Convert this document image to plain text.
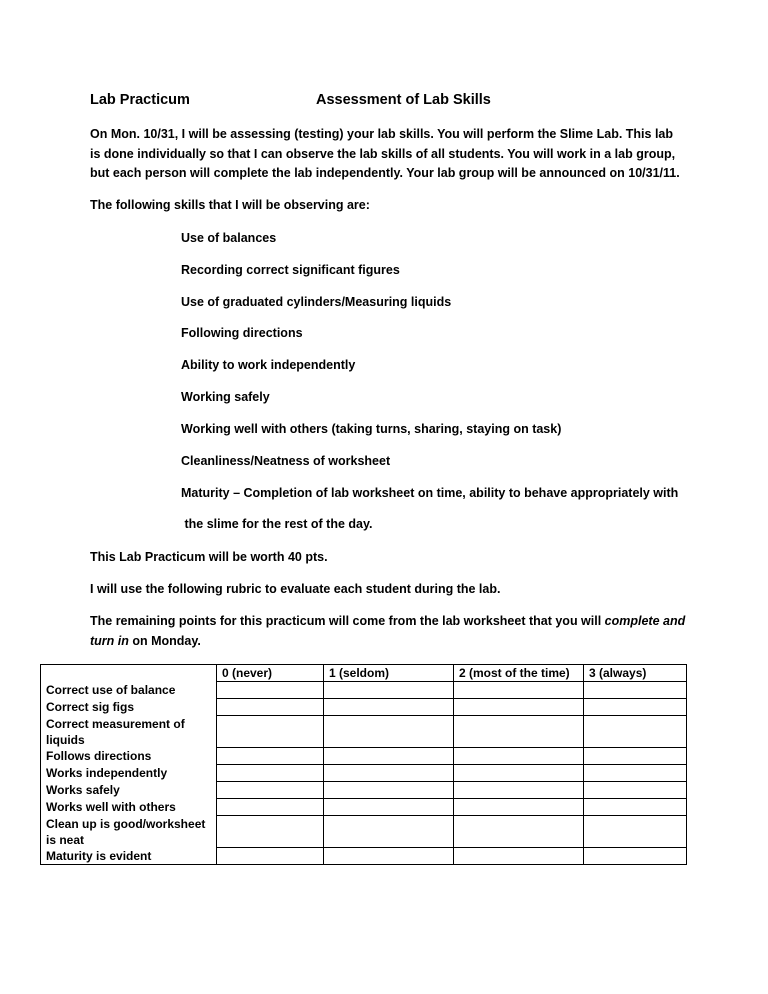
Lab Practicum	Assessment of Lab Skills
On Mon. 10/31, I will be assessing (testing) your lab skills. You will perform the Slime Lab. This lab is done individually so that I can observe the lab skills of all students. You will work in a lab group, but each person will complete the lab independently. Your lab group will be announced on 10/31/11.
The following skills that I will be observing are:
Use of balances
Recording correct significant figures
Use of graduated cylinders/Measuring liquids
Following directions
Ability to work independently
Working safely
Working well with others (taking turns, sharing, staying on task)
Cleanliness/Neatness of worksheet
Maturity – Completion of lab worksheet on time, ability to behave appropriately with
the slime for the rest of the day.
This Lab Practicum will be worth 40 pts.
I will use the following rubric to evaluate each student during the lab.
The remaining points for this practicum will come from the lab worksheet that you will complete and turn in on Monday.
	0 (never)	1 (seldom)	2 (most of the time)	3 (always)
Correct use of balance				
Correct sig figs				
Correct measurement of liquids				
Follows directions				
Works independently				
Works safely				
Works well with others				
Clean up is good/worksheet is neat				
Maturity is evident				
